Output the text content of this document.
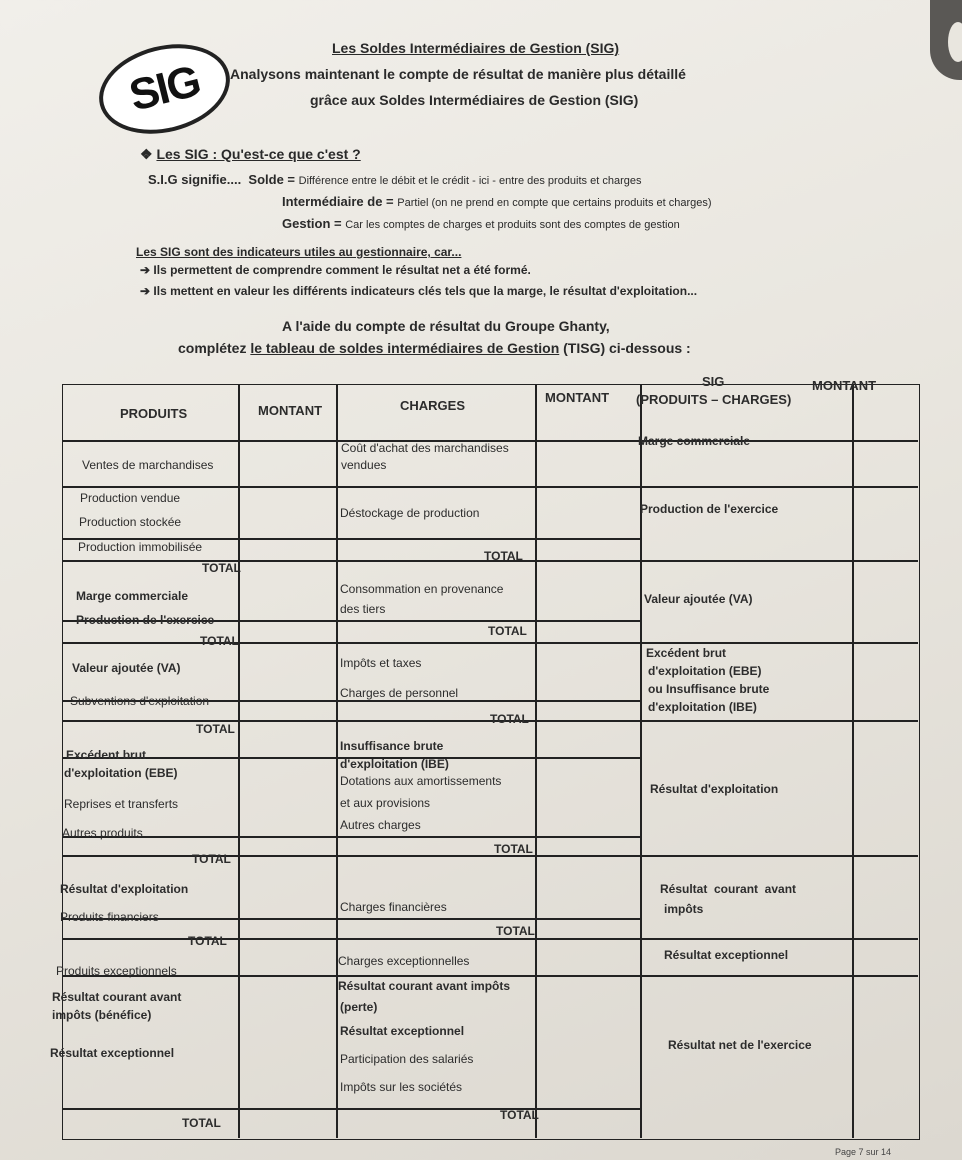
SIG
Les Soldes Intermédiaires de Gestion (SIG)
Analysons maintenant le compte de résultat de manière plus détaillé
grâce aux Soldes Intermédiaires de Gestion (SIG)
❖ Les SIG : Qu'est-ce que c'est ?
S.I.G signifie.... Solde = Différence entre le débit et le crédit - ici - entre des produits et charges
Intermédiaire de = Partiel (on ne prend en compte que certains produits et charges)
Gestion = Car les comptes de charges et produits sont des comptes de gestion
Les SIG sont des indicateurs utiles au gestionnaire, car...
➔ Ils permettent de comprendre comment le résultat net a été formé.
➔ Ils mettent en valeur les différents indicateurs clés tels que la marge, le résultat d'exploitation...
A l'aide du compte de résultat du Groupe Ghanty,
complétez le tableau de soldes intermédiaires de Gestion (TISG) ci-dessous :
PRODUITS	MONTANT	CHARGES
MONTANT
SIG
(PRODUITS – CHARGES)
MONTANT
Ventes de marchandises
Production vendue
Production stockée
Production immobilisée
TOTAL
Marge commerciale
Production de l'exercice
TOTAL
Valeur ajoutée (VA)
Subventions d'exploitation
TOTAL
Excédent brut
d'exploitation (EBE)
Reprises et transferts
Autres produits
TOTAL
Résultat d'exploitation
Produits financiers
TOTAL
Produits exceptionnels
Résultat courant avant
impôts (bénéfice)
Résultat exceptionnel
TOTAL
Coût d'achat des marchandises
vendues
Déstockage de production
TOTAL
Consommation en provenance
des tiers
TOTAL
Impôts et taxes
Charges de personnel
TOTAL
Insuffisance brute
d'exploitation (IBE)
Dotations aux amortissements
et aux provisions
Autres charges
TOTAL
Charges financières
TOTAL
Charges exceptionnelles
Résultat courant avant impôts
(perte)
Résultat exceptionnel
Participation des salariés
Impôts sur les sociétés
TOTAL
Marge commerciale
Production de l'exercice
Valeur ajoutée (VA)
Excédent brut
d'exploitation (EBE)
ou Insuffisance brute
d'exploitation (IBE)
Résultat d'exploitation
Résultat  courant  avant
impôts
Résultat exceptionnel
Résultat net de l'exercice
Page 7 sur 14
